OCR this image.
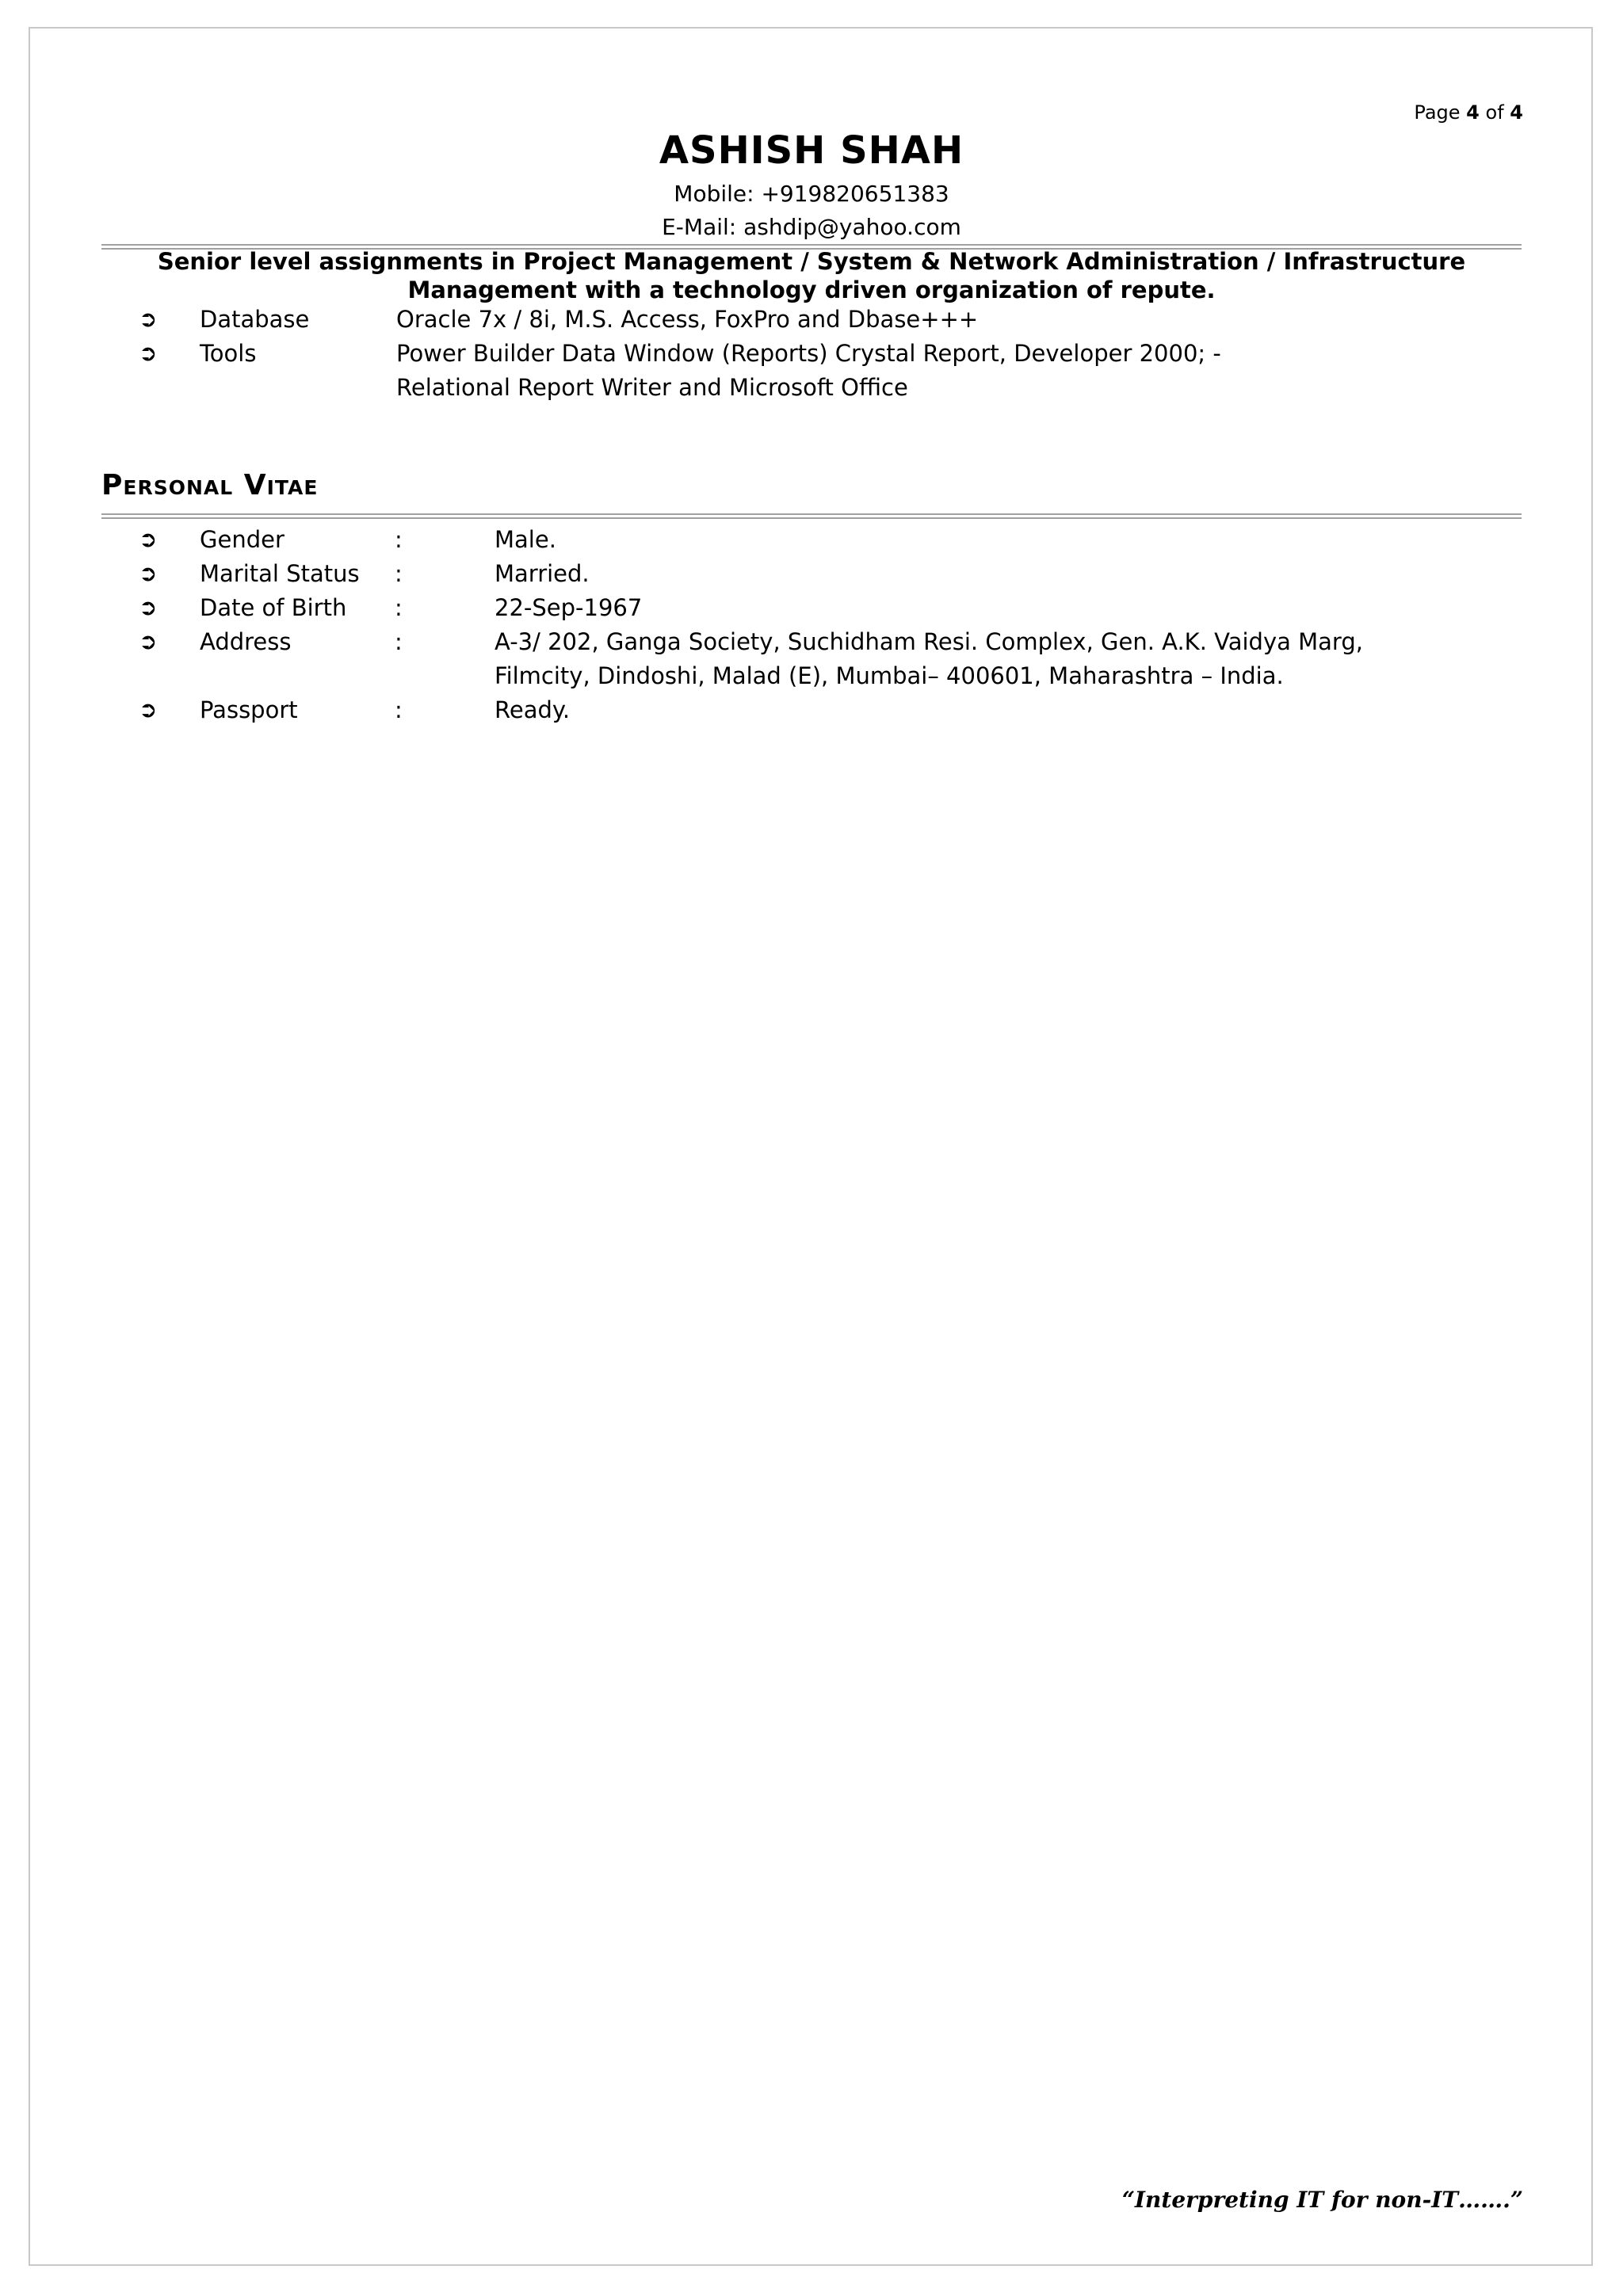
Page 4 of 4
ASHISH SHAH
Mobile: +919820651383
E-Mail: ashdip@yahoo.com
Senior level assignments in Project Management / System & Network Administration / Infrastructure
Management with a technology driven organization of repute.
➲ Database	Oracle 7x / 8i, M.S. Access, FoxPro and Dbase+++
➲ Tools	Power Builder Data Window (Reports) Crystal Report, Developer 2000; -
Relational Report Writer and Microsoft Office
Personal Vitae
➲ Gender	:	Male.
➲ Marital Status :	Married.
➲ Date of Birth :	22-Sep-1967
➲ Address	:	A-3/ 202, Ganga Society, Suchidham Resi. Complex, Gen. A.K. Vaidya Marg,
Filmcity, Dindoshi, Malad (E), Mumbai– 400601, Maharashtra – India.
➲ Passport	:	Ready.
“Interpreting IT for non-IT…….”
